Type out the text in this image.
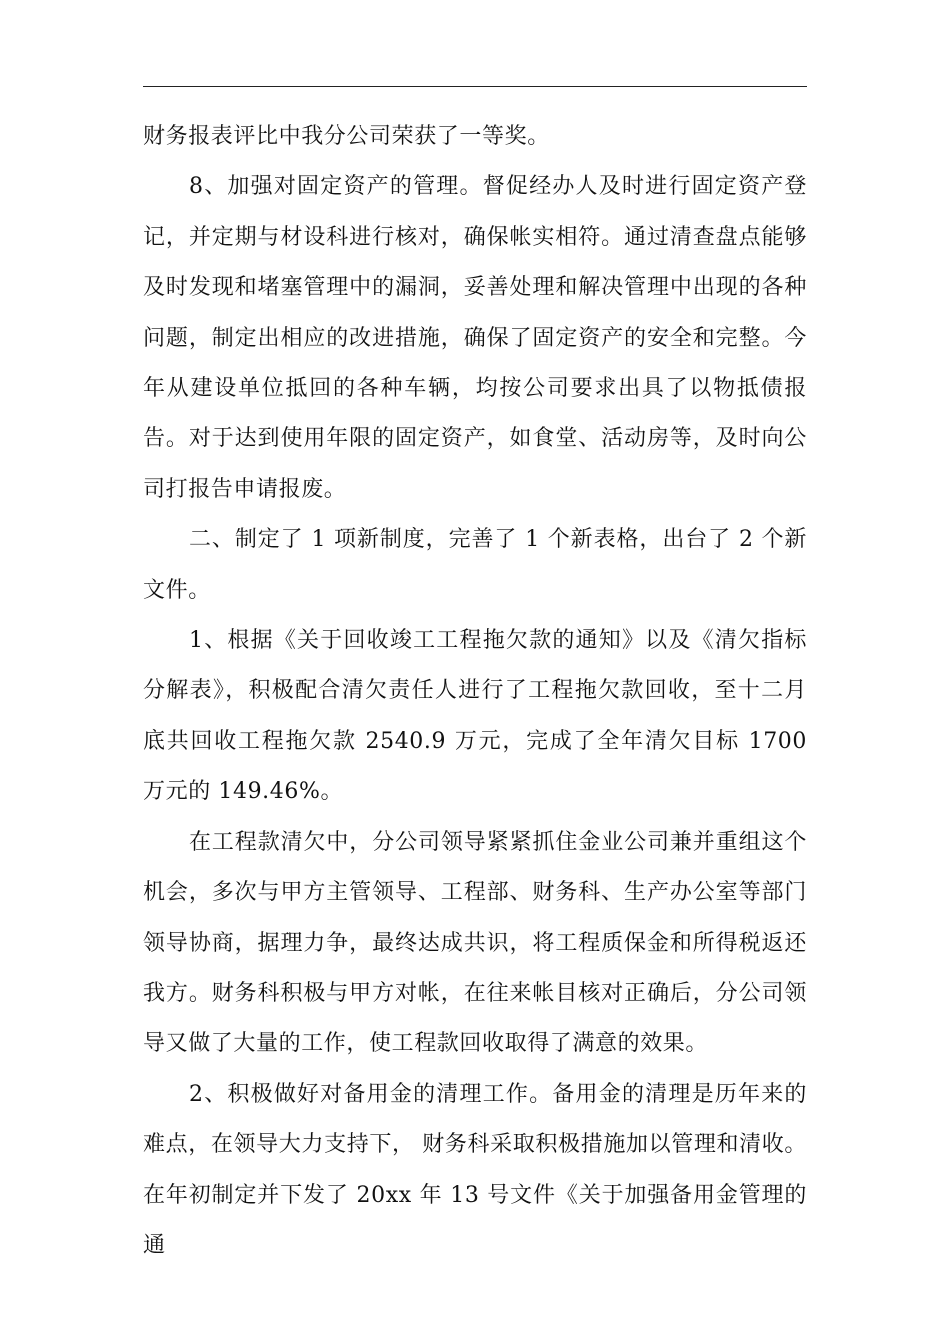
财务报表评比中我分公司荣获了一等奖。

8、加强对固定资产的管理。督促经办人及时进行固定资产登记，并定期与材设科进行核对，确保帐实相符。通过清查盘点能够及时发现和堵塞管理中的漏洞，妥善处理和解决管理中出现的各种问题，制定出相应的改进措施，确保了固定资产的安全和完整。今年从建设单位抵回的各种车辆，均按公司要求出具了以物抵债报告。对于达到使用年限的固定资产，如食堂、活动房等，及时向公司打报告申请报废。

二、制定了 1 项新制度，完善了 1 个新表格，出台了 2 个新文件。

1、根据《关于回收竣工工程拖欠款的通知》以及《清欠指标分解表》，积极配合清欠责任人进行了工程拖欠款回收，至十二月底共回收工程拖欠款 2540.9 万元，完成了全年清欠目标 1700 万元的 149.46%。

在工程款清欠中，分公司领导紧紧抓住金业公司兼并重组这个机会，多次与甲方主管领导、工程部、财务科、生产办公室等部门领导协商，据理力争，最终达成共识，将工程质保金和所得税返还我方。财务科积极与甲方对帐，在往来帐目核对正确后，分公司领导又做了大量的工作，使工程款回收取得了满意的效果。

2、积极做好对备用金的清理工作。备用金的清理是历年来的难点，在领导大力支持下， 财务科采取积极措施加以管理和清收。在年初制定并下发了 20xx 年 13 号文件《关于加强备用金管理的通
